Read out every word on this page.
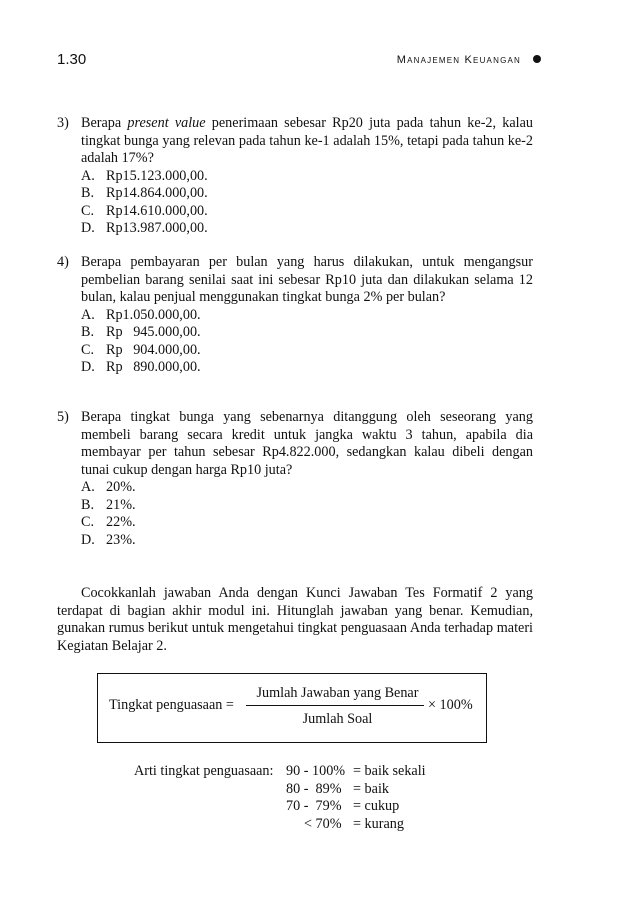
1.30	Manajemen Keuangan
3) Berapa present value penerimaan sebesar Rp20 juta pada tahun ke-2, kalau tingkat bunga yang relevan pada tahun ke-1 adalah 15%, tetapi pada tahun ke-2 adalah 17%?
A. Rp15.123.000,00.
B. Rp14.864.000,00.
C. Rp14.610.000,00.
D. Rp13.987.000,00.
4) Berapa pembayaran per bulan yang harus dilakukan, untuk mengangsur pembelian barang senilai saat ini sebesar Rp10 juta dan dilakukan selama 12 bulan, kalau penjual menggunakan tingkat bunga 2% per bulan?
A. Rp1.050.000,00.
B. Rp   945.000,00.
C. Rp   904.000,00.
D. Rp   890.000,00.
5) Berapa tingkat bunga yang sebenarnya ditanggung oleh seseorang yang membeli barang secara kredit untuk jangka waktu 3 tahun, apabila dia membayar per tahun sebesar Rp4.822.000, sedangkan kalau dibeli dengan tunai cukup dengan harga Rp10 juta?
A. 20%.
B. 21%.
C. 22%.
D. 23%.
Cocokkanlah jawaban Anda dengan Kunci Jawaban Tes Formatif 2 yang terdapat di bagian akhir modul ini. Hitunglah jawaban yang benar. Kemudian, gunakan rumus berikut untuk mengetahui tingkat penguasaan Anda terhadap materi Kegiatan Belajar 2.
Tingkat penguasaan =
Jumlah Jawaban yang Benar
Jumlah Soal
× 100%
Arti tingkat penguasaan: 90 - 100% = baik sekali
80 -  89% = baik
70 -  79% = cukup
< 70% = kurang
